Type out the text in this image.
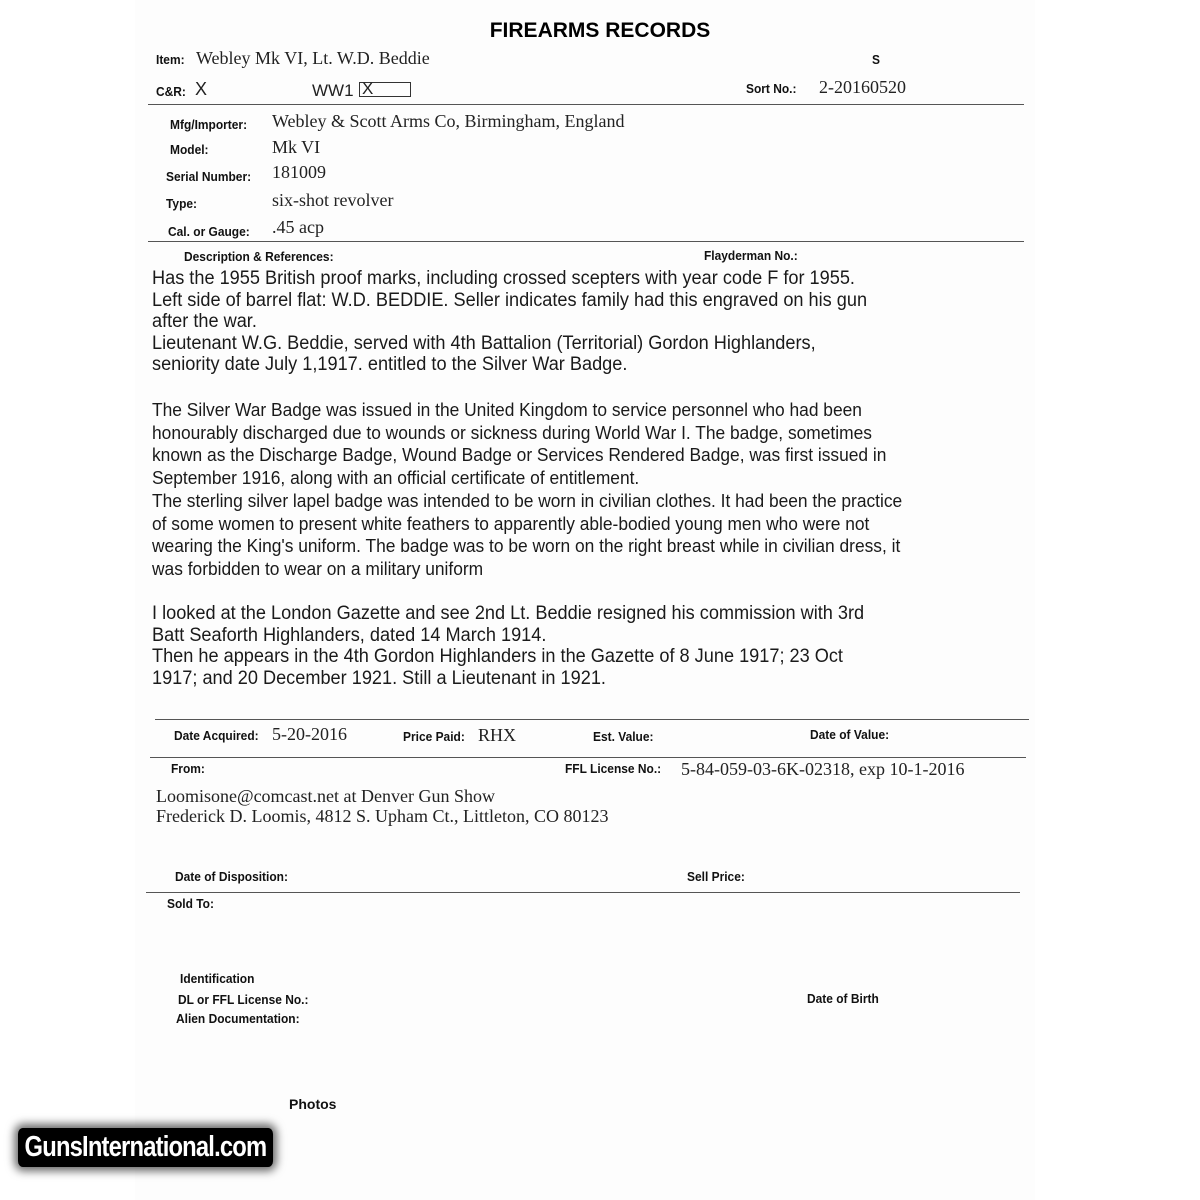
FIREARMS RECORDS
Item: Webley Mk VI, Lt. W.D. Beddie	S
C&R: X	WW1 X	Sort No.: 2-20160520
Mfg/Importer: Webley & Scott Arms Co, Birmingham, England
Model:	Mk VI
Serial Number: 181009
Type:	six-shot revolver
Cal. or Gauge: .45 acp
Description & References:	Flayderman No.:

Has the 1955 British proof marks, including crossed scepters with year code F for 1955.

Left side of barrel flat: W.D. BEDDIE. Seller indicates family had this engraved on his gun

after the war.

Lieutenant W.G. Beddie, served with 4th Battalion (Territorial) Gordon Highlanders,

seniority date July 1,1917. entitled to the Silver War Badge.

The Silver War Badge was issued in the United Kingdom to service personnel who had been

honourably discharged due to wounds or sickness during World War I. The badge, sometimes

known as the Discharge Badge, Wound Badge or Services Rendered Badge, was first issued in

September 1916, along with an official certificate of entitlement.

The sterling silver lapel badge was intended to be worn in civilian clothes. It had been the practice

of some women to present white feathers to apparently able-bodied young men who were not

wearing the King's uniform. The badge was to be worn on the right breast while in civilian dress, it

was forbidden to wear on a military uniform

I looked at the London Gazette and see 2nd Lt. Beddie resigned his commission with 3rd

Batt Seaforth Highlanders, dated 14 March 1914.

Then he appears in the 4th Gordon Highlanders in the Gazette of 8 June 1917; 23 Oct

1917; and 20 December 1921. Still a Lieutenant in 1921.

Date Acquired: 5-20-2016	Price Paid: RHX	Est. Value:	Date of Value:
From:	FFL License No.: 5-84-059-03-6K-02318, exp 10-1-2016
Loomisone@comcast.net at Denver Gun Show
Frederick D. Loomis, 4812 S. Upham Ct., Littleton, CO 80123
Date of Disposition:	Sell Price:
Sold To:
Identification
DL or FFL License No.:	Date of Birth
Alien Documentation:
Photos
GunsInternational.com
